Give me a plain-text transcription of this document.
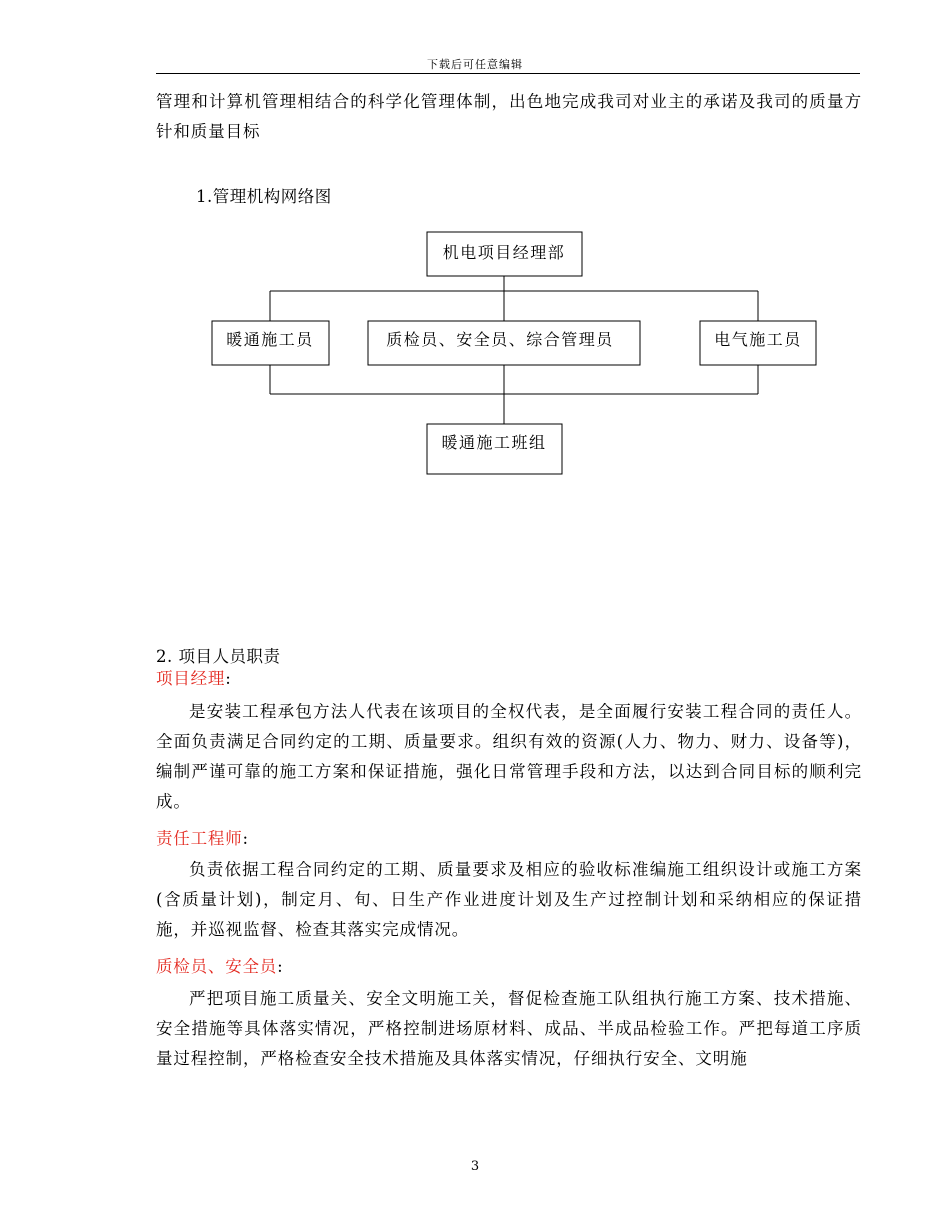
下载后可任意编辑
管理和计算机管理相结合的科学化管理体制，出色地完成我司对业主的承诺及我司的质量方针和质量目标
1.管理机构网络图
机电项目经理部
暖通施工员	质检员、安全员、综合管理员	电气施工员
暖通施工班组
2. 项目人员职责
项目经理:
是安装工程承包方法人代表在该项目的全权代表，是全面履行安装工程合同的责任人。全面负责满足合同约定的工期、质量要求。组织有效的资源(人力、物力、财力、设备等)，编制严谨可靠的施工方案和保证措施，强化日常管理手段和方法，以达到合同目标的顺利完成。
责任工程师:
负责依据工程合同约定的工期、质量要求及相应的验收标准编施工组织设计或施工方案(含质量计划)，制定月、旬、日生产作业进度计划及生产过控制计划和采纳相应的保证措施，并巡视监督、检查其落实完成情况。
质检员、安全员:
严把项目施工质量关、安全文明施工关，督促检查施工队组执行施工方案、技术措施、安全措施等具体落实情况，严格控制进场原材料、成品、半成品检验工作。严把每道工序质量过程控制，严格检查安全技术措施及具体落实情况，仔细执行安全、文明施
3
